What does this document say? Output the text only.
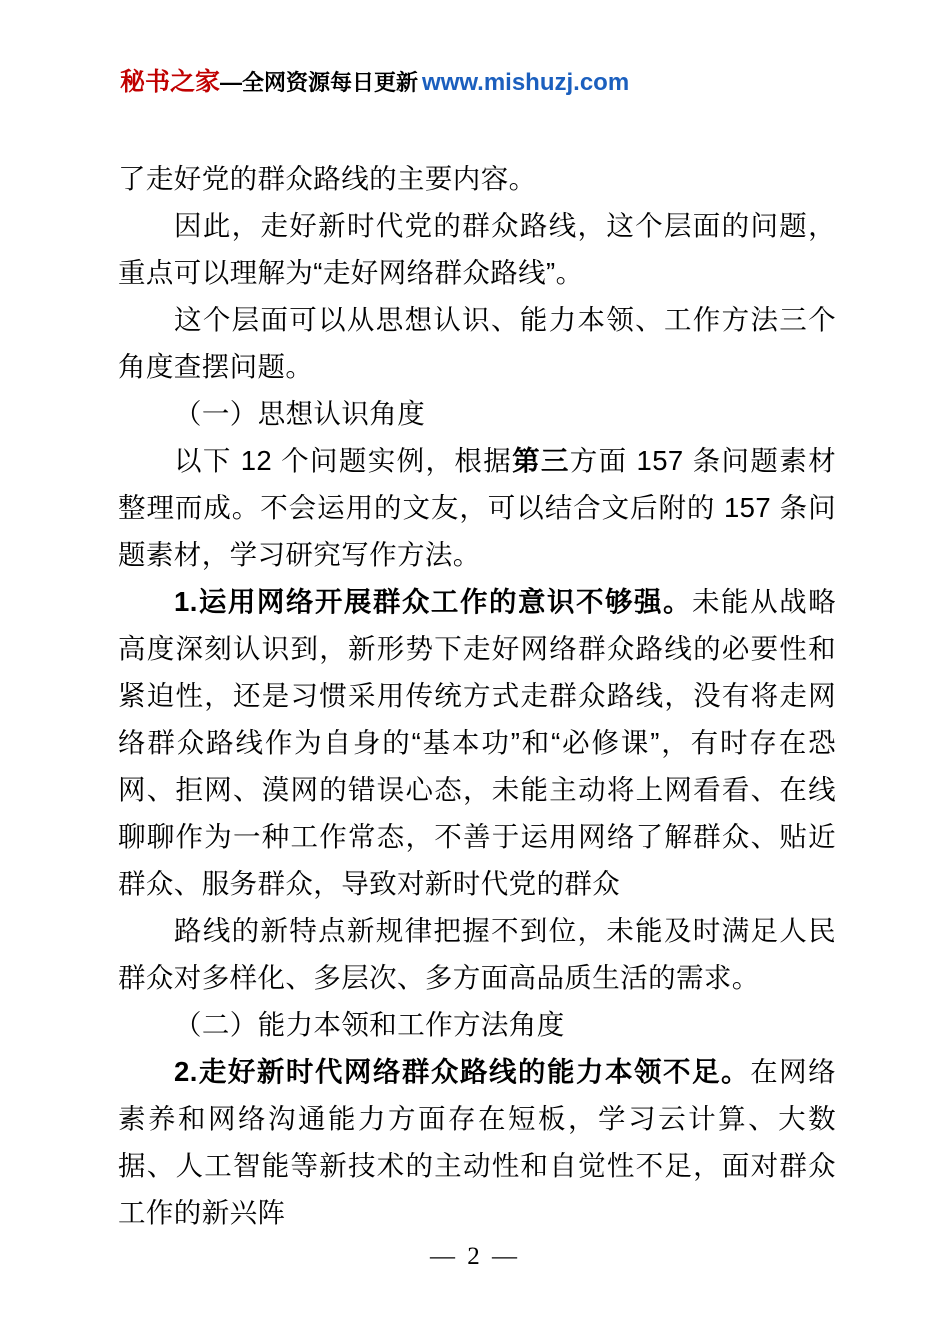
秘书之家—全网资源每日更新 www.mishuzj.com

了走好党的群众路线的主要内容。

因此，走好新时代党的群众路线，这个层面的问题，重点可以理解为“走好网络群众路线”。

这个层面可以从思想认识、能力本领、工作方法三个角度查摆问题。

（一）思想认识角度

以下 12 个问题实例，根据第三方面 157 条问题素材整理而成。不会运用的文友，可以结合文后附的 157 条问题素材，学习研究写作方法。

1.运用网络开展群众工作的意识不够强。未能从战略高度深刻认识到，新形势下走好网络群众路线的必要性和紧迫性，还是习惯采用传统方式走群众路线，没有将走网络群众路线作为自身的“基本功”和“必修课”，有时存在恐网、拒网、漠网的错误心态，未能主动将上网看看、在线聊聊作为一种工作常态，不善于运用网络了解群众、贴近群众、服务群众，导致对新时代党的群众

路线的新特点新规律把握不到位，未能及时满足人民群众对多样化、多层次、多方面高品质生活的需求。

（二）能力本领和工作方法角度

2.走好新时代网络群众路线的能力本领不足。在网络素养和网络沟通能力方面存在短板，学习云计算、大数据、人工智能等新技术的主动性和自觉性不足，面对群众工作的新兴阵

— 2 —
